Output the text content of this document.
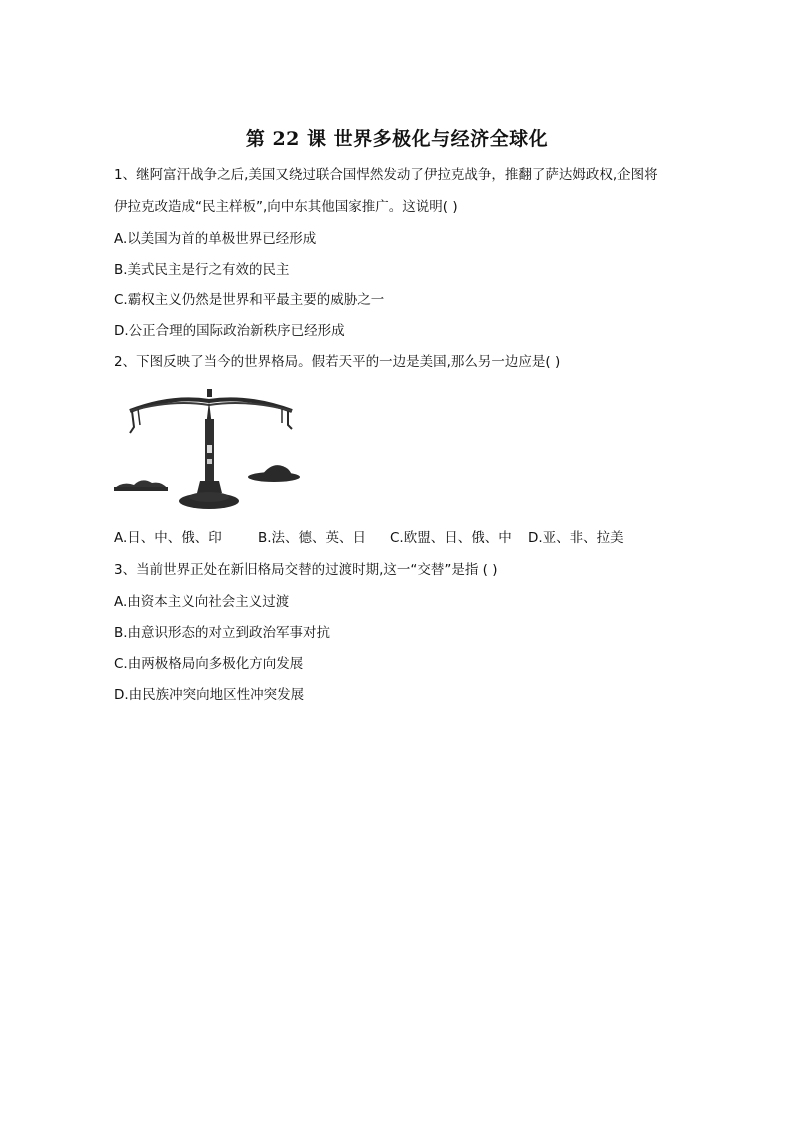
第 22 课 世界多极化与经济全球化
1、继阿富汗战争之后,美国又绕过联合国悍然发动了伊拉克战争，推翻了萨达姆政权,企图将
伊拉克改造成“民主样板”,向中东其他国家推广。这说明( )
A.以美国为首的单极世界已经形成
B.美式民主是行之有效的民主
C.霸权主义仍然是世界和平最主要的威胁之一
D.公正合理的国际政治新秩序已经形成
2、下图反映了当今的世界格局。假若天平的一边是美国,那么另一边应是( )
A.日、中、俄、印	B.法、德、英、日 C.欧盟、日、俄、中 D.亚、非、拉美
3、当前世界正处在新旧格局交替的过渡时期,这一“交替”是指 ( )
A.由资本主义向社会主义过渡
B.由意识形态的对立到政治军事对抗
C.由两极格局向多极化方向发展
D.由民族冲突向地区性冲突发展
